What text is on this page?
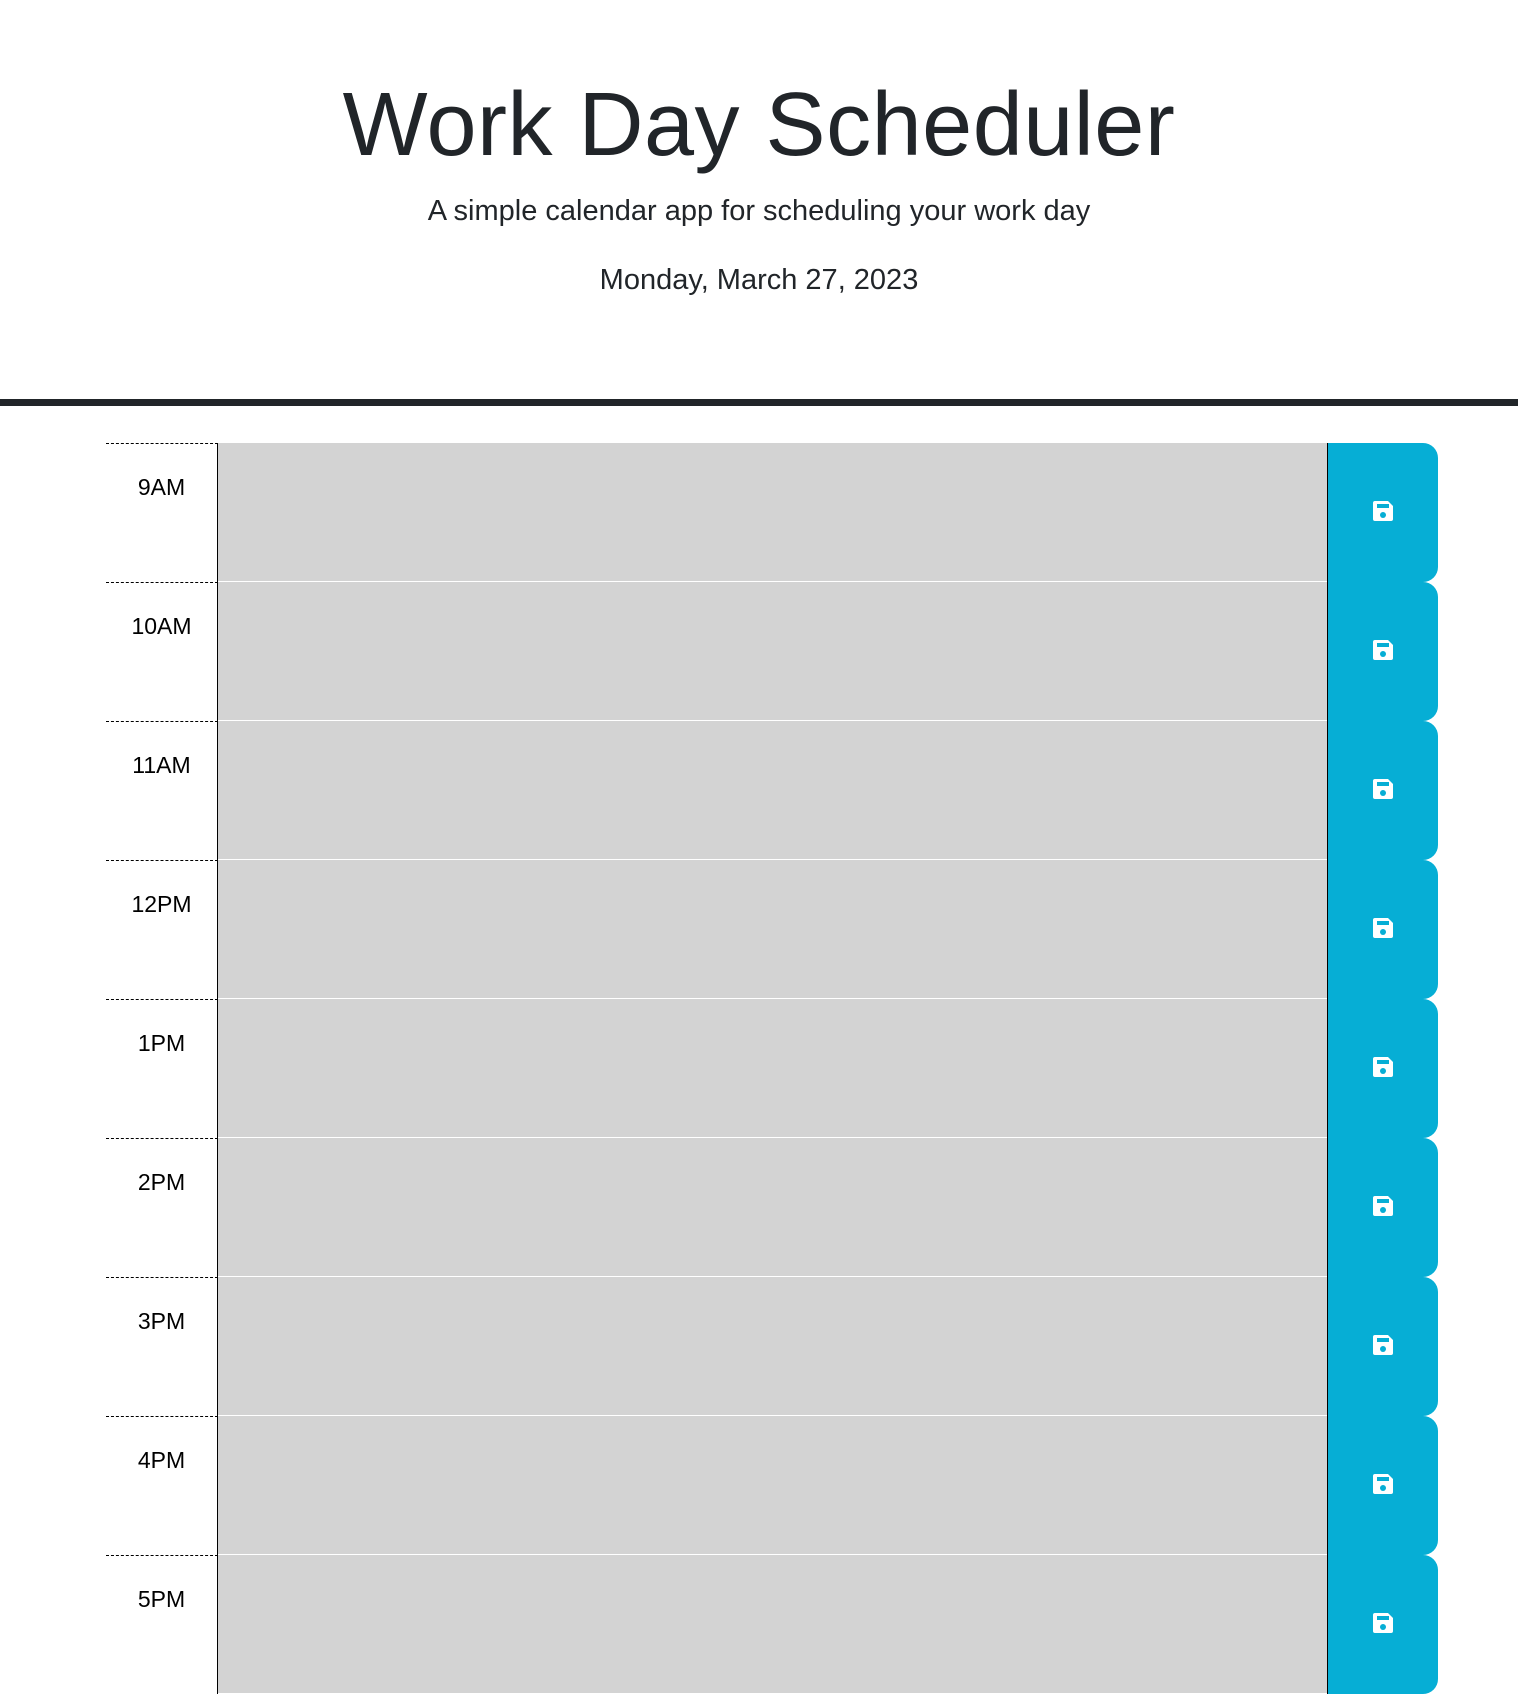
Work Day Scheduler
A simple calendar app for scheduling your work day
Monday, March 27, 2023
9AM
10AM
11AM
12PM
1PM
2PM
3PM
4PM
5PM
